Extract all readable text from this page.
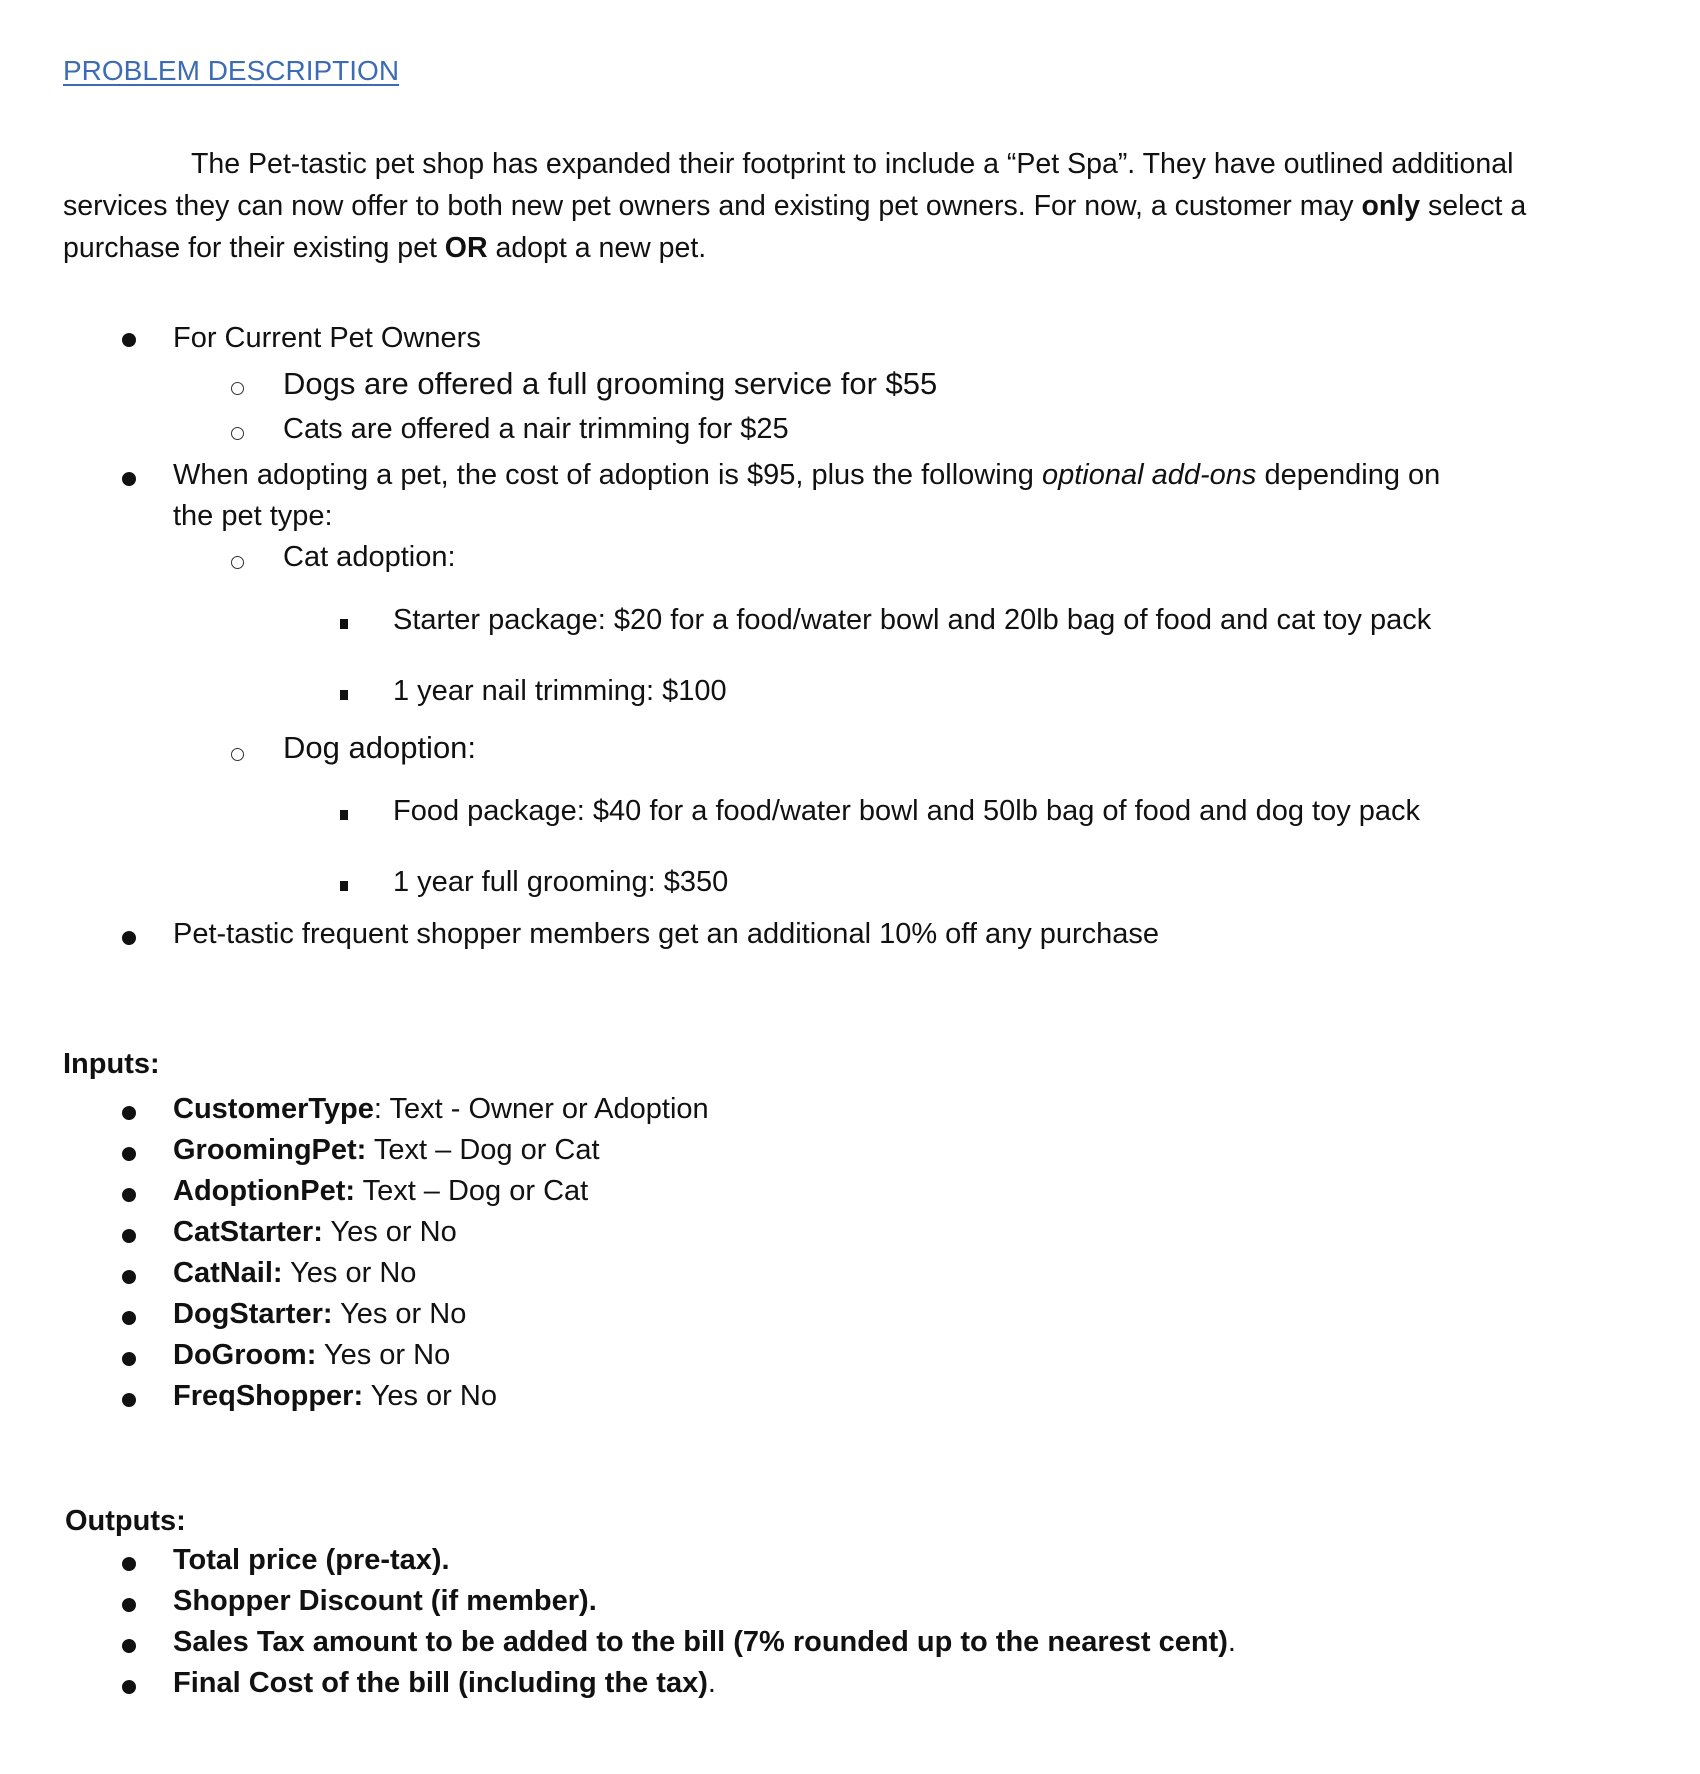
PROBLEM DESCRIPTION
The Pet-tastic pet shop has expanded their footprint to include a “Pet Spa”. They have outlined additional services they can now offer to both new pet owners and existing pet owners. For now, a customer may only select a purchase for their existing pet OR adopt a new pet.
For Current Pet Owners
Dogs are offered a full grooming service for $55
Cats are offered a nair trimming for $25
When adopting a pet, the cost of adoption is $95, plus the following optional add-ons depending on
the pet type:
Cat adoption:
Starter package: $20 for a food/water bowl and 20lb bag of food and cat toy pack
1 year nail trimming: $100
Dog adoption:
Food package: $40 for a food/water bowl and 50lb bag of food and dog toy pack
1 year full grooming: $350
Pet-tastic frequent shopper members get an additional 10% off any purchase
Inputs:
CustomerType: Text - Owner or Adoption
GroomingPet: Text – Dog or Cat
AdoptionPet: Text – Dog or Cat
CatStarter: Yes or No
CatNail: Yes or No
DogStarter: Yes or No
DoGroom: Yes or No
FreqShopper: Yes or No
Outputs:
Total price (pre-tax).
Shopper Discount (if member).
Sales Tax amount to be added to the bill (7% rounded up to the nearest cent).
Final Cost of the bill (including the tax).
